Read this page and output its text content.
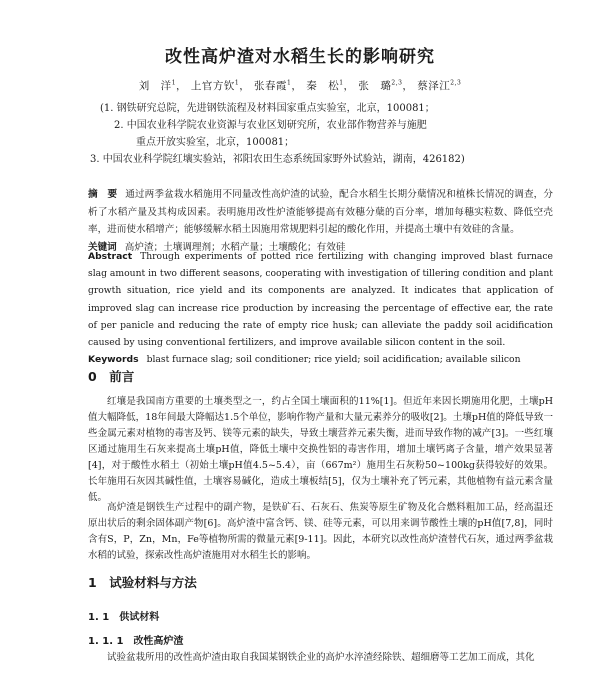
改性高炉渣对水稻生长的影响研究
刘　洋$^1$， 上官方钦$^1$， 张春霞$^1$， 秦　松$^1$， 张　璐$^{2,3}$， 蔡泽江$^{2,3}$
(1. 钢铁研究总院，先进钢铁流程及材料国家重点实验室，北京，100081；
2. 中国农业科学院农业资源与农业区划研究所，农业部作物营养与施肥
重点开放实验室，北京，100081；
3. 中国农业科学院红壤实验站，祁阳农田生态系统国家野外试验站，湖南，426182)
摘　要 通过两季盆栽水稻施用不同量改性高炉渣的试验，配合水稻生长期分蘖情况和植株长情况的调查，分析了水稻产量及其构成因素。表明施用改性炉渣能够提高有效穗分蘖的百分率，增加每穗实粒数、降低空壳率，进而使水稻增产；能够缓解水稻土因施用常规肥料引起的酸化作用，并提高土壤中有效硅的含量。
关键词 高炉渣；土壤调理剂；水稻产量；土壤酸化；有效硅
Abstract Through experiments of potted rice fertilizing with changing improved blast furnace slag amount in two different seasons, cooperating with investigation of tillering condition and plant growth situation, rice yield and its components are analyzed. It indicates that application of improved slag can increase rice production by increasing the percentage of effective ear, the rate of per panicle and reducing the rate of empty rice husk; can alleviate the paddy soil acidification caused by using conventional fertilizers, and improve available silicon content in the soil.
Keywords blast furnace slag; soil conditioner; rice yield; soil acidification; available silicon
0　 前言

红壤是我国南方重要的土壤类型之一，约占全国土壤面积的11%[1]。但近年来因长期施用化肥，土壤pH值大幅降低，18年间最大降幅达1.5个单位，影响作物产量和大量元素养分的吸收[2]。土壤pH值的降低导致一些金属元素对植物的毒害及钙、镁等元素的缺失，导致土壤营养元素失衡，进而导致作物的减产[3]。一些红壤区通过施用生石灰来提高土壤pH值，降低土壤中交换性铝的毒害作用，增加土壤钙离子含量，增产效果显著[4]，对于酸性水稻土（初始土壤pH值4.5~5.4），亩（667m²）施用生石灰粉50~100kg获得较好的效果。长年施用石灰因其碱性值，土壤容易碱化，造成土壤板结[5]，仅为土壤补充了钙元素，其他植物有益元素含量低。

高炉渣是钢铁生产过程中的副产物，是铁矿石、石灰石、焦炭等原生矿物及化合燃料粗加工品，经高温还原出状后的剩余固体副产物[6]。高炉渣中富含钙、镁、硅等元素，可以用来调节酸性土壤的pH值[7,8]，同时含有S，P，Zn，Mn，Fe等植物所需的微量元素[9-11]。因此，本研究以改性高炉渣替代石灰，通过两季盆栽水稻的试验，探索改性高炉渣施用对水稻生长的影响。

1　 试验材料与方法
1. 1　 供试材料
1. 1. 1　 改性高炉渣

试验盆栽所用的改性高炉渣由取自我国某钢铁企业的高炉水淬渣经除铁、超细磨等工艺加工而成，其化
